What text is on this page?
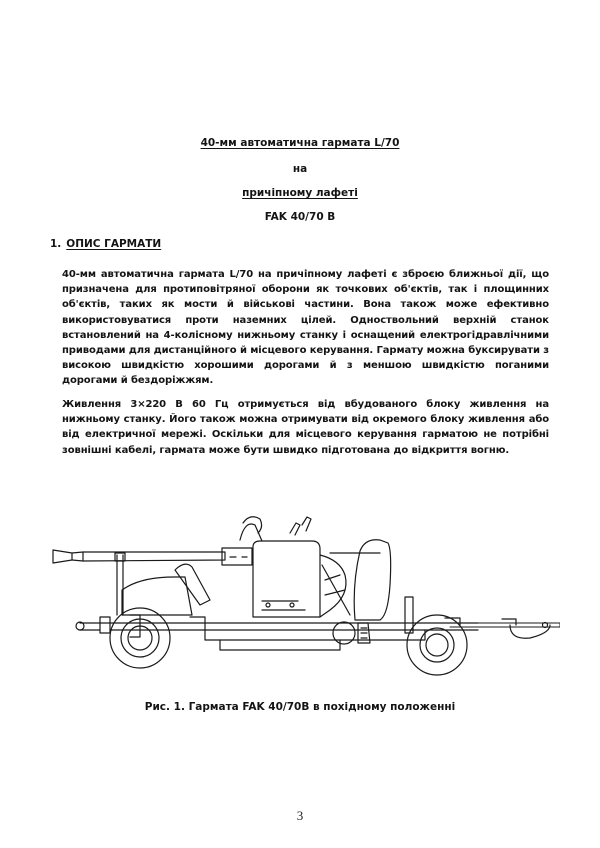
40-мм автоматична гармата L/70
на
причіпному лафеті
FAK 40/70 B
1. ОПИС ГАРМАТИ

40-мм автоматична гармата L/70 на причіпному лафеті є зброєю ближньої дії, що призначена для протиповітряної оборони як точкових об'єктів, так і площинних об'єктів, таких як мости й військові частини. Вона також може ефективно використовуватися проти наземних цілей. Одноствольний верхній станок встановлений на 4-колісному нижньому станку і оснащений електрогідравлічними приводами для дистанційного й місцевого керування. Гармату можна буксирувати з високою швидкістю хорошими дорогами й з меншою швидкістю поганими дорогами й бездоріжжям.

Живлення 3×220 В 60 Гц отримується від вбудованого блоку живлення на нижньому станку. Його також можна отримувати від окремого блоку живлення або від електричної мережі. Оскільки для місцевого керування гарматою не потрібні зовнішні кабелі, гармата може бути швидко підготована до відкриття вогню.

Рис. 1. Гармата FAK 40/70B в похідному положенні
3
